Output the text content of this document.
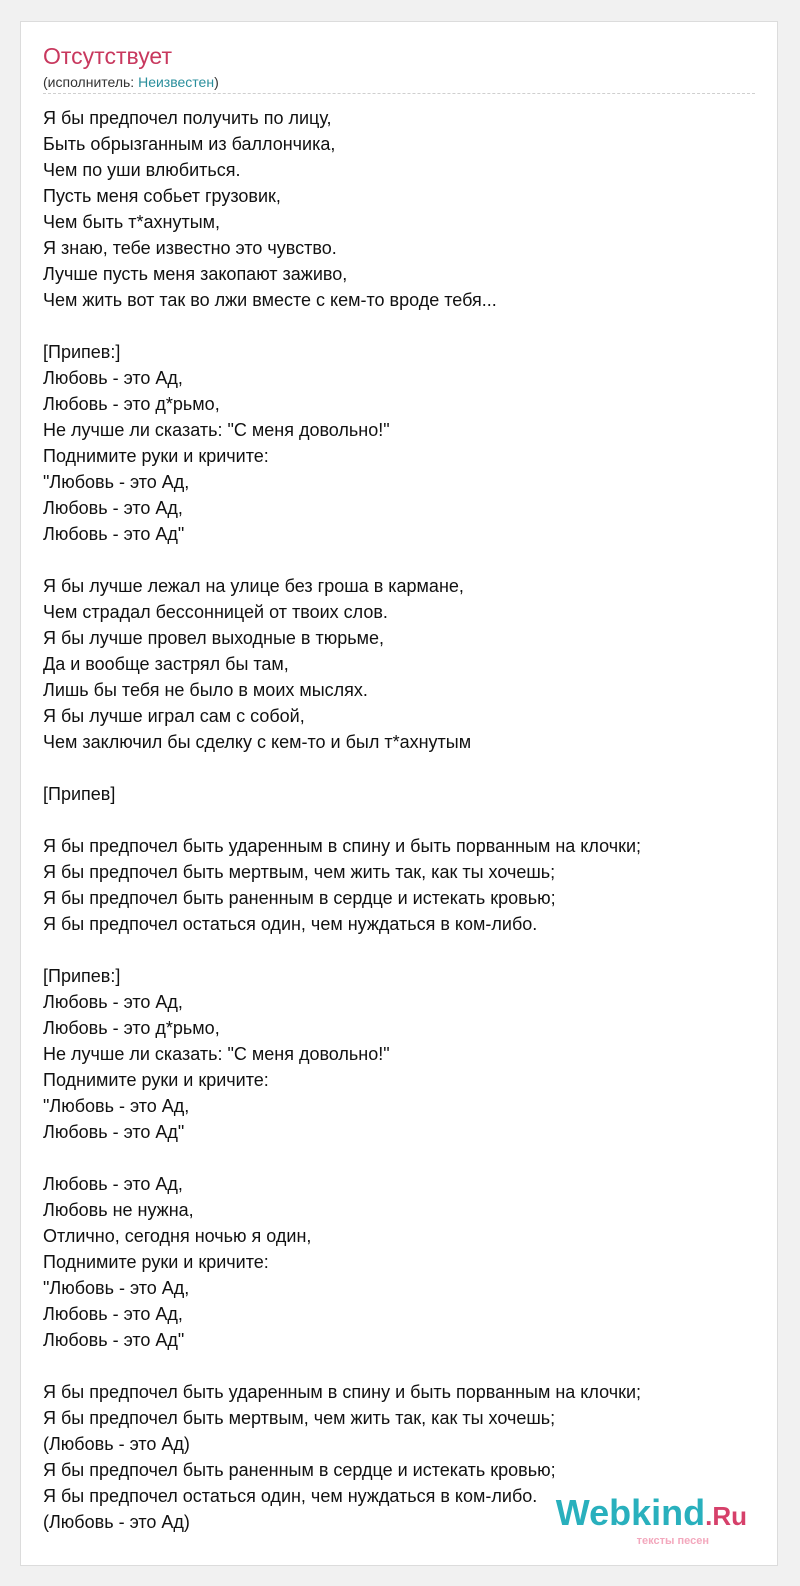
Отсутствует
(исполнитель: Неизвестен)
Я бы предпочел получить по лицу,
Быть обрызганным из баллончика,
Чем по уши влюбиться.
Пусть меня собьет грузовик,
Чем быть т*ахнутым,
Я знаю, тебе известно это чувство.
Лучше пусть меня закопают заживо,
Чем жить вот так во лжи вместе с кем-то вроде тебя...
[Припев:]
Любовь - это Ад,
Любовь - это д*рьмо,
Не лучше ли сказать: "С меня довольно!"
Поднимите руки и кричите:
"Любовь - это Ад,
Любовь - это Ад,
Любовь - это Ад"
Я бы лучше лежал на улице без гроша в кармане,
Чем страдал бессонницей от твоих слов.
Я бы лучше провел выходные в тюрьме,
Да и вообще застрял бы там,
Лишь бы тебя не было в моих мыслях.
Я бы лучше играл сам с собой,
Чем заключил бы сделку с кем-то и был т*ахнутым
[Припев]
Я бы предпочел быть ударенным в спину и быть порванным на клочки;
Я бы предпочел быть мертвым, чем жить так, как ты хочешь;
Я бы предпочел быть раненным в сердце и истекать кровью;
Я бы предпочел остаться один, чем нуждаться в ком-либо.
[Припев:]
Любовь - это Ад,
Любовь - это д*рьмо,
Не лучше ли сказать: "С меня довольно!"
Поднимите руки и кричите:
"Любовь - это Ад,
Любовь - это Ад"
Любовь - это Ад,
Любовь не нужна,
Отлично, сегодня ночью я один,
Поднимите руки и кричите:
"Любовь - это Ад,
Любовь - это Ад,
Любовь - это Ад"
Я бы предпочел быть ударенным в спину и быть порванным на клочки;
Я бы предпочел быть мертвым, чем жить так, как ты хочешь;
(Любовь - это Ад)
Я бы предпочел быть раненным в сердце и истекать кровью;
Я бы предпочел остаться один, чем нуждаться в ком-либо.
(Любовь - это Ад)	Webkind.Ru
тексты песен
